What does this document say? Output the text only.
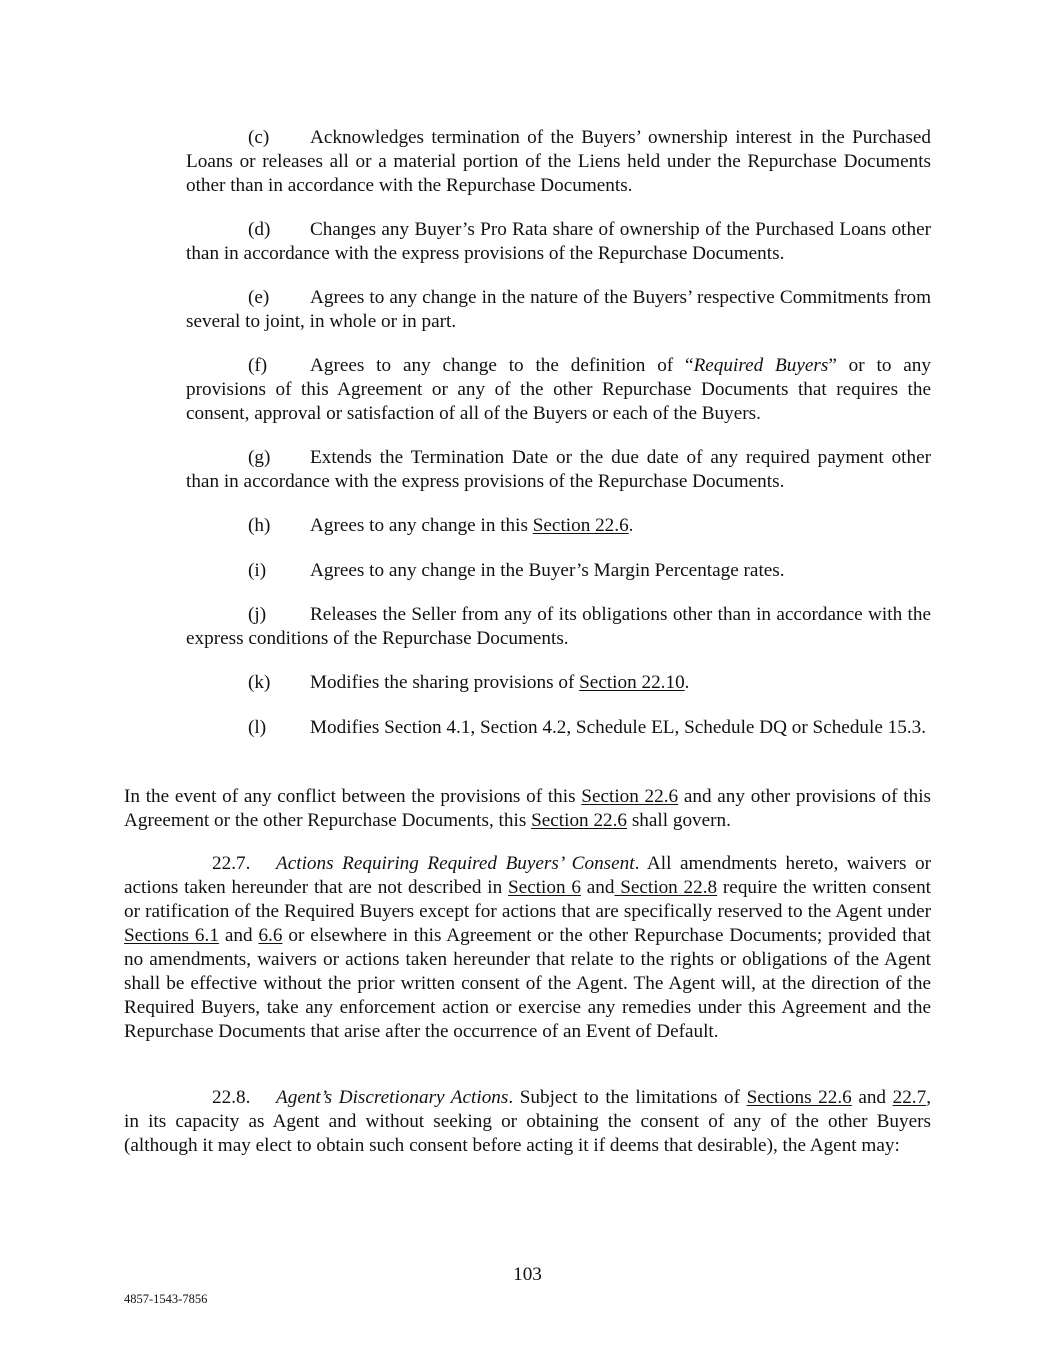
(c) Acknowledges termination of the Buyers’ ownership interest in the Purchased Loans or releases all or a material portion of the Liens held under the Repurchase Documents other than in accordance with the Repurchase Documents.
(d) Changes any Buyer’s Pro Rata share of ownership of the Purchased Loans other than in accordance with the express provisions of the Repurchase Documents.
(e) Agrees to any change in the nature of the Buyers’ respective Commitments from several to joint, in whole or in part.
(f) Agrees to any change to the definition of “Required Buyers” or to any provisions of this Agreement or any of the other Repurchase Documents that requires the consent, approval or satisfaction of all of the Buyers or each of the Buyers.
(g) Extends the Termination Date or the due date of any required payment other than in accordance with the express provisions of the Repurchase Documents.
(h) Agrees to any change in this Section 22.6.
(i) Agrees to any change in the Buyer’s Margin Percentage rates.
(j) Releases the Seller from any of its obligations other than in accordance with the express conditions of the Repurchase Documents.
(k) Modifies the sharing provisions of Section 22.10.
(l) Modifies Section 4.1, Section 4.2, Schedule EL, Schedule DQ or Schedule 15.3.
In the event of any conflict between the provisions of this Section 22.6 and any other provisions of this Agreement or the other Repurchase Documents, this Section 22.6 shall govern.
22.7. Actions Requiring Required Buyers’ Consent. All amendments hereto, waivers or actions taken hereunder that are not described in Section 6 and Section 22.8 require the written consent or ratification of the Required Buyers except for actions that are specifically reserved to the Agent under Sections 6.1 and 6.6 or elsewhere in this Agreement or the other Repurchase Documents; provided that no amendments, waivers or actions taken hereunder that relate to the rights or obligations of the Agent shall be effective without the prior written consent of the Agent. The Agent will, at the direction of the Required Buyers, take any enforcement action or exercise any remedies under this Agreement and the Repurchase Documents that arise after the occurrence of an Event of Default.
22.8. Agent’s Discretionary Actions. Subject to the limitations of Sections 22.6 and 22.7, in its capacity as Agent and without seeking or obtaining the consent of any of the other Buyers (although it may elect to obtain such consent before acting it if deems that desirable), the Agent may:
103
4857-1543-7856
